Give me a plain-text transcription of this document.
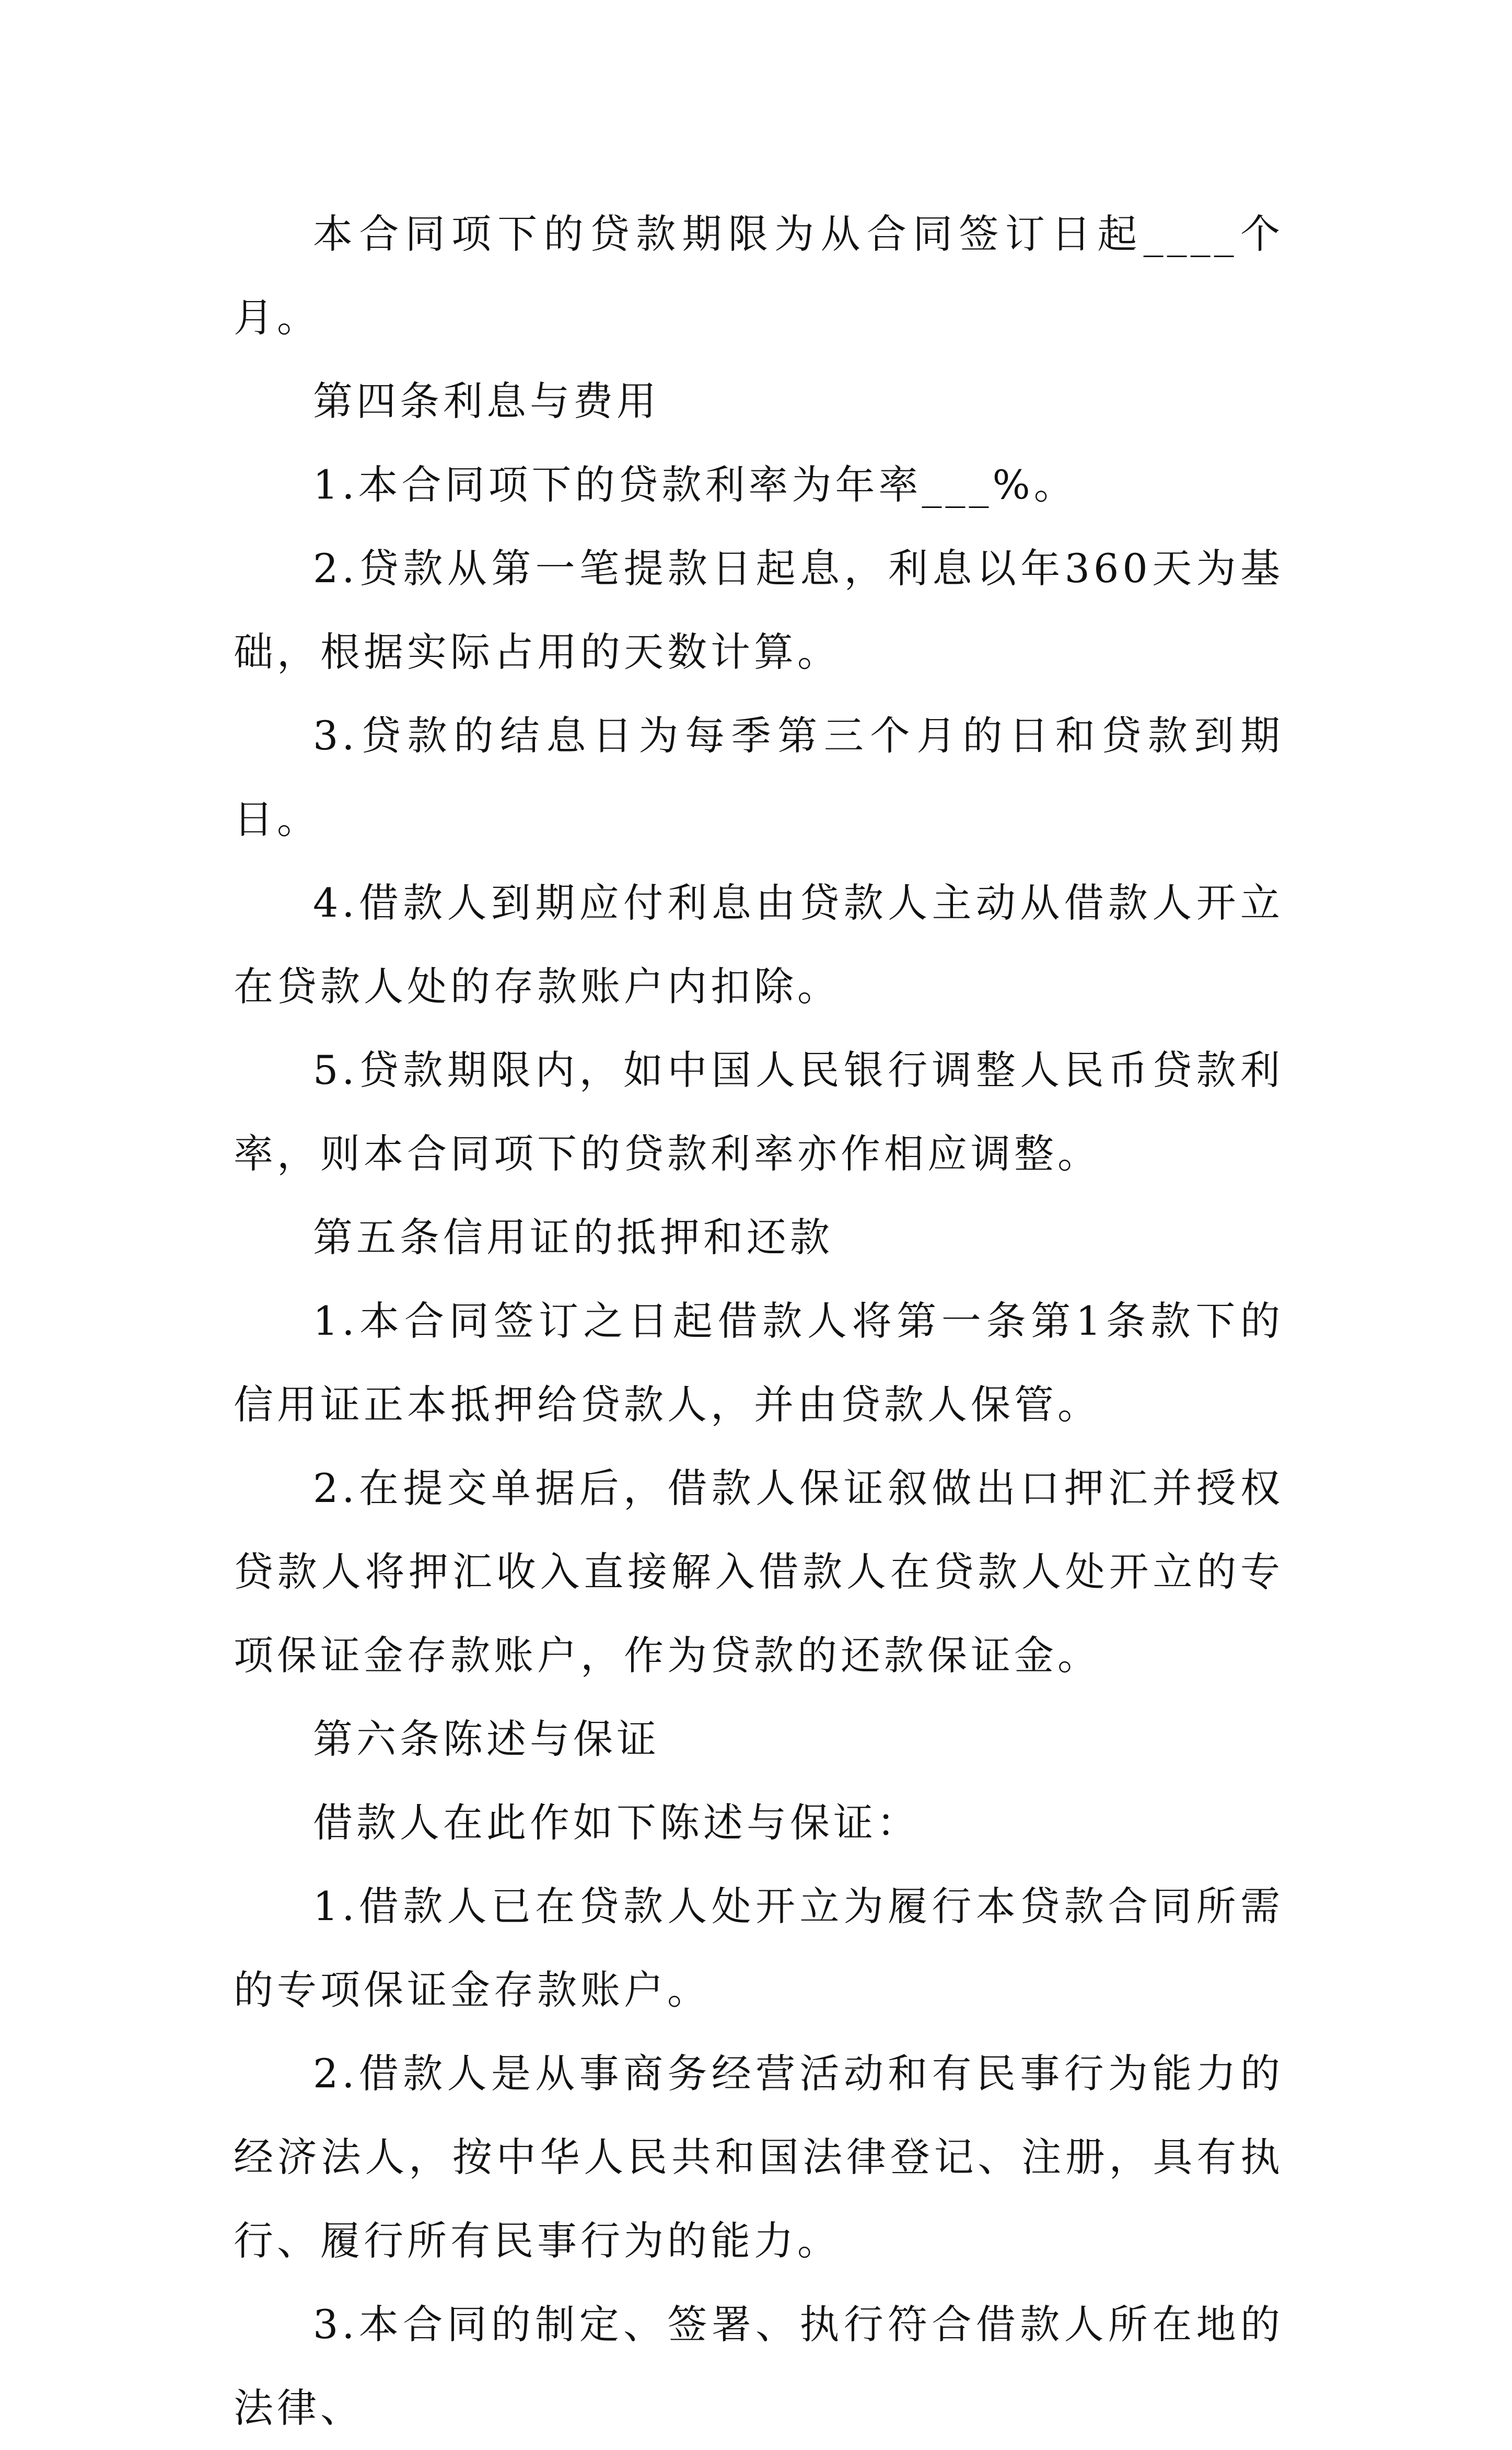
本合同项下的贷款期限为从合同签订日起____个月。

第四条利息与费用

1.本合同项下的贷款利率为年率___%。

2.贷款从第一笔提款日起息，利息以年360天为基础，根据实际占用的天数计算。

3.贷款的结息日为每季第三个月的日和贷款到期日。

4.借款人到期应付利息由贷款人主动从借款人开立在贷款人处的存款账户内扣除。

5.贷款期限内，如中国人民银行调整人民币贷款利率，则本合同项下的贷款利率亦作相应调整。

第五条信用证的抵押和还款

1.本合同签订之日起借款人将第一条第1条款下的信用证正本抵押给贷款人，并由贷款人保管。

2.在提交单据后，借款人保证叙做出口押汇并授权贷款人将押汇收入直接解入借款人在贷款人处开立的专项保证金存款账户，作为贷款的还款保证金。

第六条陈述与保证

借款人在此作如下陈述与保证：

1.借款人已在贷款人处开立为履行本贷款合同所需的专项保证金存款账户。

2.借款人是从事商务经营活动和有民事行为能力的经济法人，按中华人民共和国法律登记、注册，具有执行、履行所有民事行为的能力。

3.本合同的制定、签署、执行符合借款人所在地的法律、
